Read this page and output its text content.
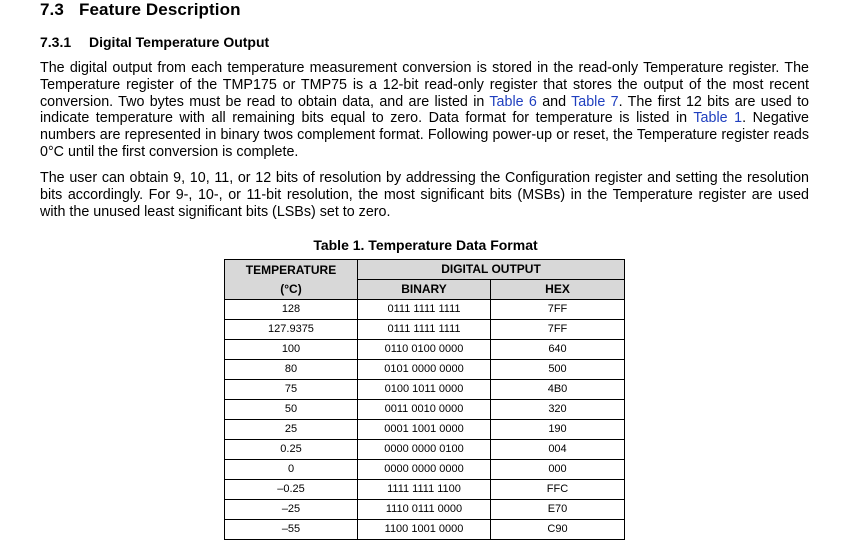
7.3 Feature Description
7.3.1 Digital Temperature Output

The digital output from each temperature measurement conversion is stored in the read-only Temperature register. The Temperature register of the TMP175 or TMP75 is a 12-bit read-only register that stores the output of the most recent conversion. Two bytes must be read to obtain data, and are listed in Table 6 and Table 7. The first 12 bits are used to indicate temperature with all remaining bits equal to zero. Data format for temperature is listed in Table 1. Negative numbers are represented in binary twos complement format. Following power-up or reset, the Temperature register reads 0°C until the first conversion is complete.

The user can obtain 9, 10, 11, or 12 bits of resolution by addressing the Configuration register and setting the resolution bits accordingly. For 9-, 10-, or 11-bit resolution, the most significant bits (MSBs) in the Temperature register are used with the unused least significant bits (LSBs) set to zero.

Table 1. Temperature Data Format
TEMPERATURE
(°C)	DIGITAL OUTPUT	
	BINARY	HEX
128	0111 1111 1111	7FF
127.9375	0111 1111 1111	7FF
100	0110 0100 0000	640
80	0101 0000 0000	500
75	0100 1011 0000	4B0
50	0011 0010 0000	320
25	0001 1001 0000	190
0.25	0000 0000 0100	004
0	0000 0000 0000	000
–0.25	1111 1111 1100	FFC
–25	1110 0111 0000	E70
–55	1100 1001 0000	C90
